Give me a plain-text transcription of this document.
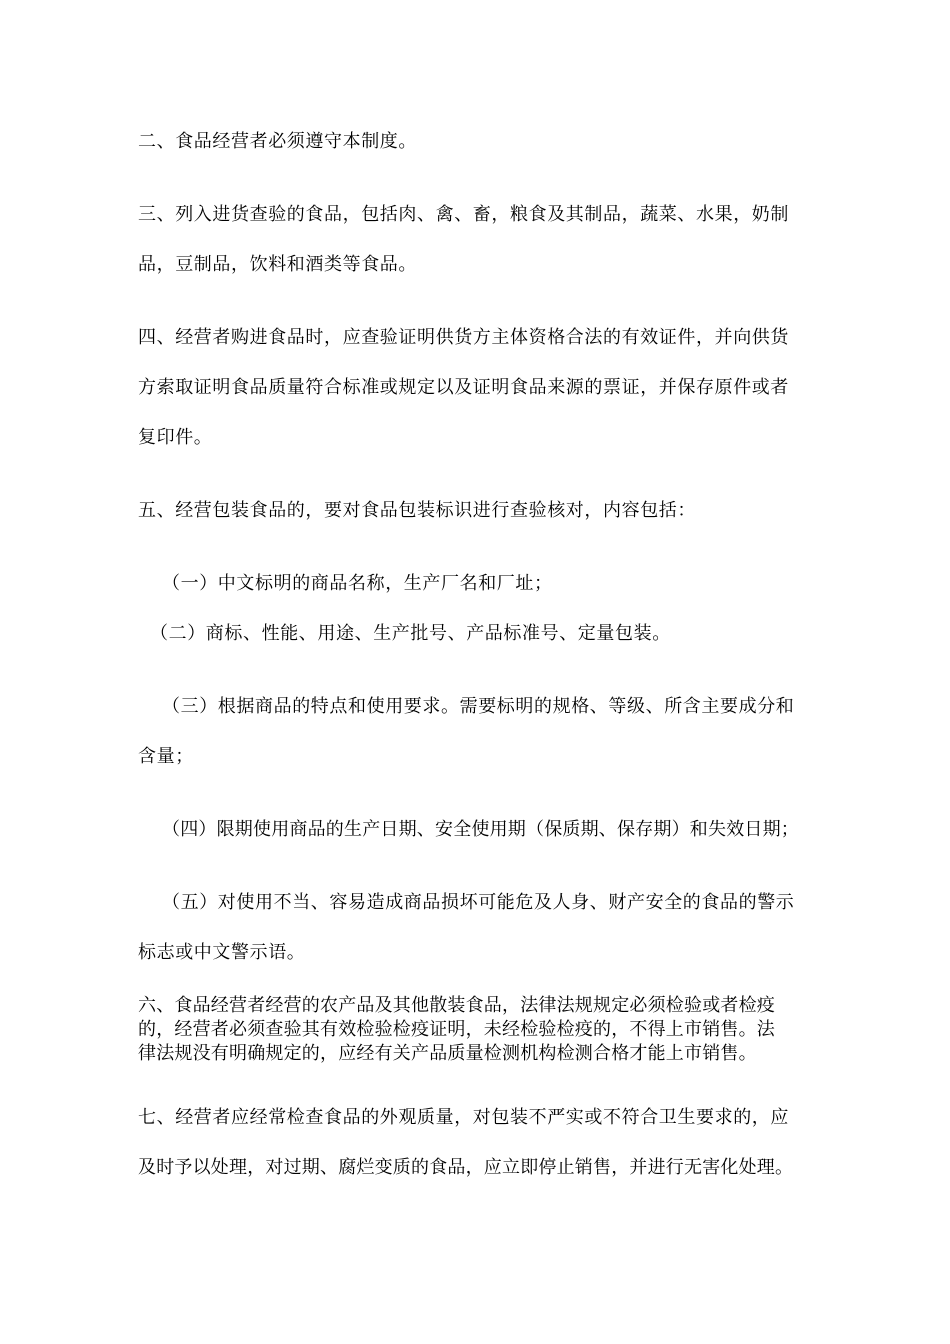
二、食品经营者必须遵守本制度。
三、列入进货查验的食品，包括肉、禽、畜，粮食及其制品，蔬菜、水果，奶制
品，豆制品，饮料和酒类等食品。
四、经营者购进食品时，应查验证明供货方主体资格合法的有效证件，并向供货
方索取证明食品质量符合标准或规定以及证明食品来源的票证，并保存原件或者
复印件。
五、经营包装食品的，要对食品包装标识进行查验核对，内容包括：
（一）中文标明的商品名称，生产厂名和厂址；
（二）商标、性能、用途、生产批号、产品标准号、定量包装。
（三）根据商品的特点和使用要求。需要标明的规格、等级、所含主要成分和
含量；
（四）限期使用商品的生产日期、安全使用期（保质期、保存期）和失效日期；
（五）对使用不当、容易造成商品损坏可能危及人身、财产安全的食品的警示
标志或中文警示语。
六、食品经营者经营的农产品及其他散装食品，法律法规规定必须检验或者检疫
的，经营者必须查验其有效检验检疫证明，未经检验检疫的，不得上市销售。法
律法规没有明确规定的，应经有关产品质量检测机构检测合格才能上市销售。
七、经营者应经常检查食品的外观质量，对包装不严实或不符合卫生要求的，应
及时予以处理，对过期、腐烂变质的食品，应立即停止销售，并进行无害化处理。
